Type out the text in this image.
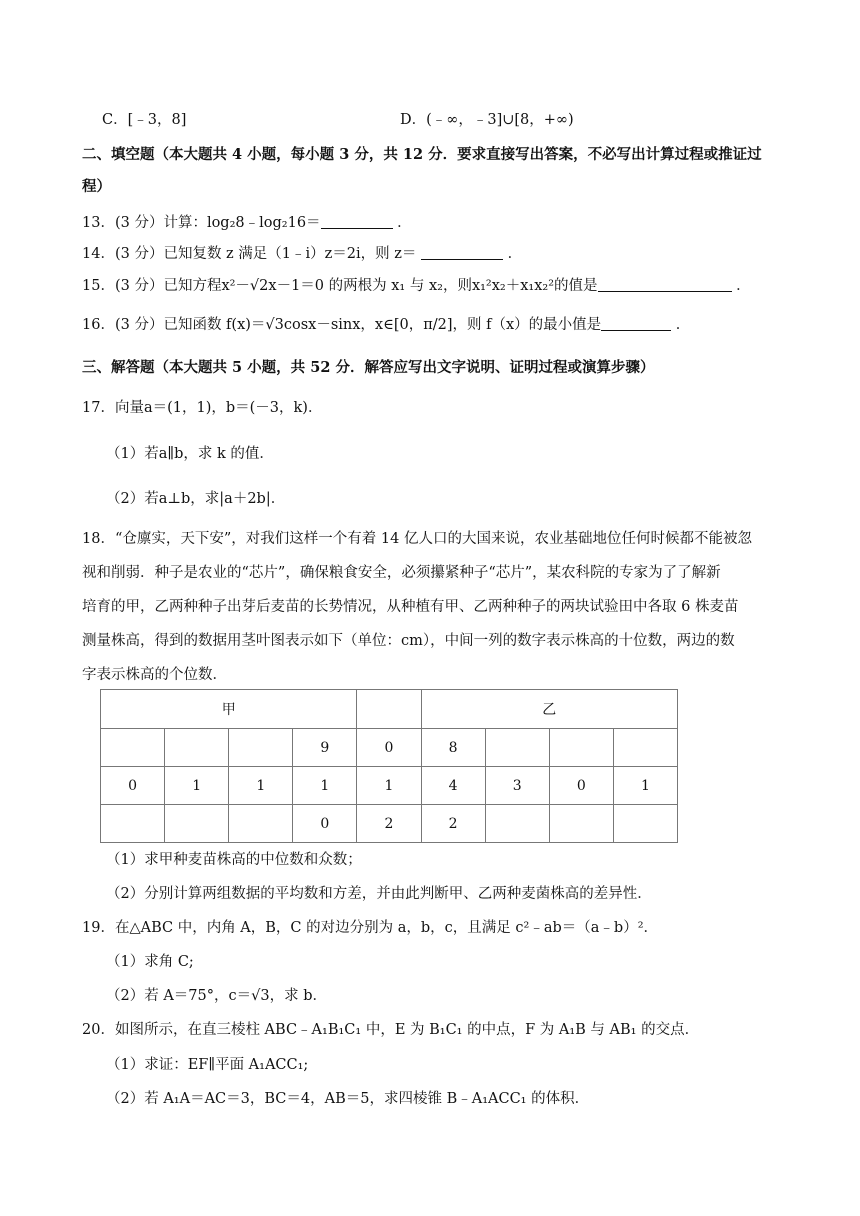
C．[﹣3，8]	D．(﹣∞，﹣3]∪[8，+∞)
二、填空题（本大题共 4 小题，每小题 3 分，共 12 分．要求直接写出答案，不必写出计算过程或推证过
程）
13．(3 分）计算：log₂8﹣log₂16＝	．
14．(3 分）已知复数 z 满足（1﹣i）z＝2i，则 z＝	．
15．(3 分）已知方程x²－√2x－1＝0 的两根为 x₁ 与 x₂，则x₁²x₂＋x₁x₂²的值是	．
16．(3 分）已知函数 f(x)＝√3cosx－sinx，x∈[0，π/2]，则 f（x）的最小值是	．
三、解答题（本大题共 5 小题，共 52 分．解答应写出文字说明、证明过程或演算步骤）
17．向量a＝(1，1)，b＝(－3，k)．
（1）若a∥b，求 k 的值．
（2）若a⊥b，求|a＋2b|．
18．“仓廪实，天下安”，对我们这样一个有着 14 亿人口的大国来说，农业基础地位任何时候都不能被忽
视和削弱．种子是农业的“芯片”，确保粮食安全，必须攥紧种子“芯片”，某农科院的专家为了了解新
培育的甲，乙两种种子出芽后麦苗的长势情况，从种植有甲、乙两种种子的两块试验田中各取 6 株麦苗
测量株高，得到的数据用茎叶图表示如下（单位：cm），中间一列的数字表示株高的十位数，两边的数
字表示株高的个位数．
甲					乙			
			9	0	8			
0	1	1	1	1	4	3	0	1
			0	2	2			
（1）求甲种麦苗株高的中位数和众数；
（2）分别计算两组数据的平均数和方差，并由此判断甲、乙两种麦菌株高的差异性．
19．在△ABC 中，内角 A，B，C 的对边分别为 a，b，c，且满足 c²﹣ab＝（a﹣b）²．
（1）求角 C;
（2）若 A＝75°，c＝√3，求 b．
20．如图所示，在直三棱柱 ABC﹣A₁B₁C₁ 中，E 为 B₁C₁ 的中点，F 为 A₁B 与 AB₁ 的交点．
（1）求证：EF∥平面 A₁ACC₁;
（2）若 A₁A＝AC＝3，BC＝4，AB＝5，求四棱锥 B﹣A₁ACC₁ 的体积．
